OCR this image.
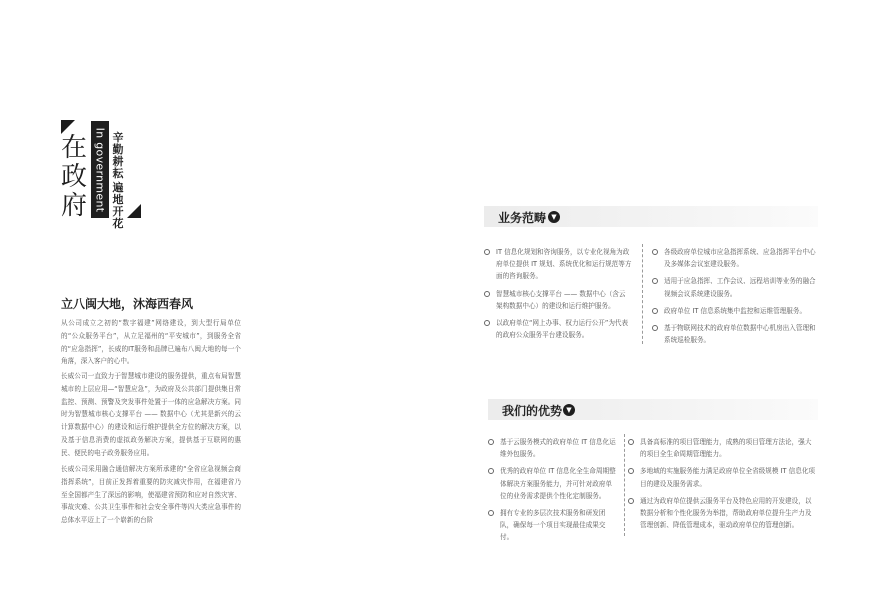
在
政
府 In government 辛
勤
耕
耘
遍
地
开
花
立八闽大地，沐海西春风
从公司成立之初的“数字福建”网络建设，到大型行局单位的“公众服务平台”，从立足福州的“平安城市”，到服务全省的“应急指挥”，长威的IT服务和品牌已遍布八闽大地的每一个角落，深入客户的心中。
长威公司一直致力于智慧城市建设的服务提供，重点布局智慧城市的上层应用—“智慧应急”，为政府及公共部门提供集日常监控、预测、预警及突发事件处置于一体的应急解决方案。同时为智慧城市核心支撑平台 —— 数据中心（尤其是新兴的云计算数据中心）的建设和运行维护提供全方位的解决方案，以及基于信息消费的虚拟政务解决方案，提供基于互联网的惠民、便民的电子政务服务应用。
长威公司采用融合通信解决方案所承建的“全省应急视频会商指挥系统”，目前正发挥着重要的防灾减灾作用，在福建省乃至全国都产生了深远的影响，使福建省预防和应对自然灾害、事故灾难、公共卫生事件和社会安全事件等四大类应急事件的总体水平迈上了一个崭新的台阶
业务范畴 ▼
IT 信息化规划和咨询服务，以专业化视角为政府单位提供 IT 规划、系统优化和运行规范等方面的咨询服务。
智慧城市核心支撑平台 —— 数据中心（含云架构数据中心）的建设和运行维护服务。
以政府单位“网上办事、权力运行公开”为代表的政府公众服务平台建设服务。
各级政府单位城市应急指挥系统、应急指挥平台中心及多媒体会议室建设服务。
适用于应急指挥、工作会议、远程培训等业务的融合视频会议系统建设服务。
政府单位 IT 信息系统集中监控和运维管理服务。
基于物联网技术的政府单位数据中心机房出入管理和系统巡检服务。
我们的优势 ▼
基于云服务模式的政府单位 IT 信息化运维外包服务。
优秀的政府单位 IT 信息化全生命周期整体解决方案服务能力，并可针对政府单位的业务需求提供个性化定制服务。
拥有专业的多层次技术服务和研发团队，确保每一个项目实现最佳成果交付。
具备高标准的项目管理能力，成熟的项目管理方法论，强大的项目全生命周期管理能力。
多地域的实施服务能力满足政府单位全省级规模 IT 信息化项目的建设及服务需求。
通过为政府单位提供云服务平台及特色应用的开发建设，以数据分析和个性化服务为举措，帮助政府单位提升生产力及管理创新、降低管理成本，驱动政府单位的管理创新。
